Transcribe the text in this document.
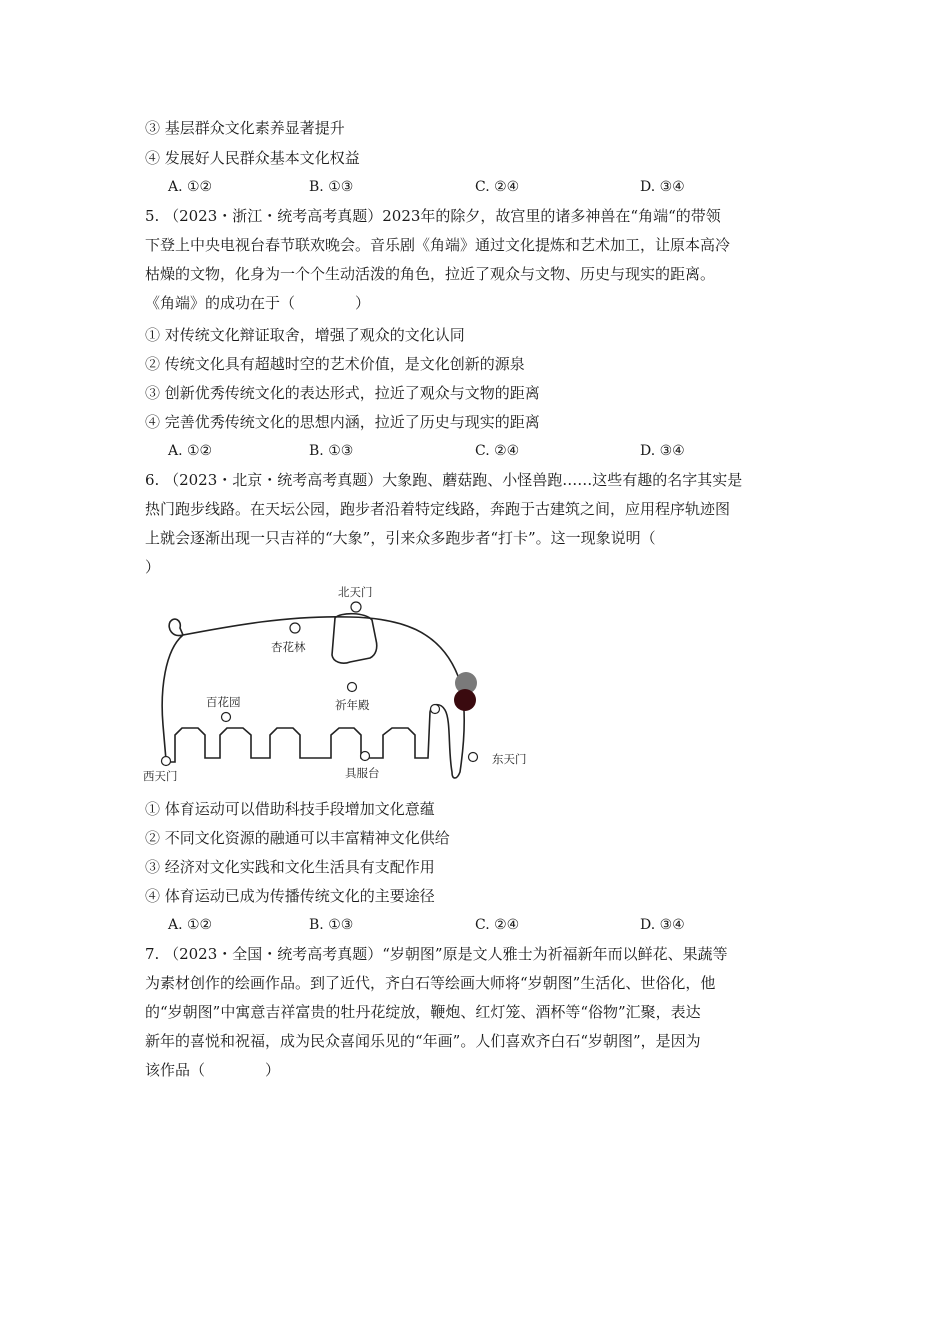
③ 基层群众文化素养显著提升
④ 发展好人民群众基本文化权益
A. ①②	B. ①③	C. ②④	D. ③④
5. （2023・浙江・统考高考真题）2023年的除夕，故宫里的诸多神兽在“角端“的带领
下登上中央电视台春节联欢晚会。音乐剧《角端》通过文化提炼和艺术加工，让原本高冷
枯燥的文物，化身为一个个生动活泼的角色，拉近了观众与文物、历史与现实的距离。
《角端》的成功在于（　　　　）
① 对传统文化辩证取舍，增强了观众的文化认同
② 传统文化具有超越时空的艺术价值，是文化创新的源泉
③ 创新优秀传统文化的表达形式，拉近了观众与文物的距离
④ 完善优秀传统文化的思想内涵，拉近了历史与现实的距离
A. ①②	B. ①③	C. ②④	D. ③④
6. （2023・北京・统考高考真题）大象跑、蘑菇跑、小怪兽跑……这些有趣的名字其实是
热门跑步线路。在天坛公园，跑步者沿着特定线路，奔跑于古建筑之间，应用程序轨迹图
上就会逐渐出现一只吉祥的“大象”，引来众多跑步者“打卡”。这一现象说明（
）
北天门
杏花林
百花园	祈年殿
东天门
西天门	具服台
① 体育运动可以借助科技手段增加文化意蕴
② 不同文化资源的融通可以丰富精神文化供给
③ 经济对文化实践和文化生活具有支配作用
④ 体育运动已成为传播传统文化的主要途径
A. ①②	B. ①③	C. ②④	D. ③④
7. （2023・全国・统考高考真题）“岁朝图”原是文人雅士为祈福新年而以鲜花、果蔬等
为素材创作的绘画作品。到了近代，齐白石等绘画大师将“岁朝图”生活化、世俗化，他
的“岁朝图”中寓意吉祥富贵的牡丹花绽放，鞭炮、红灯笼、酒杯等“俗物”汇聚，表达
新年的喜悦和祝福，成为民众喜闻乐见的“年画”。人们喜欢齐白石“岁朝图”，是因为
该作品（　　　　）
